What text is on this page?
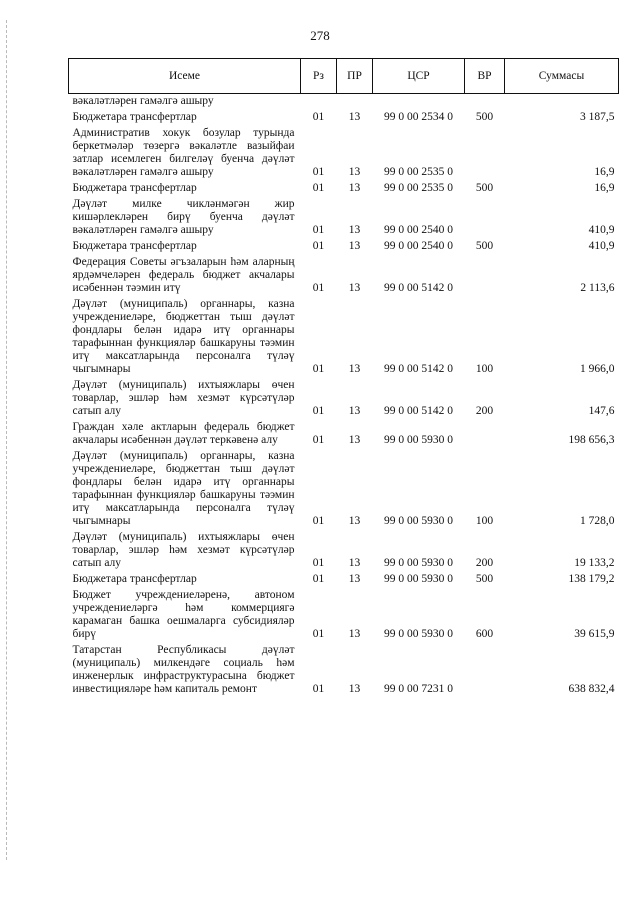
278
Исеме	Рз	ПР	ЦСР	ВР	Суммасы
вәкаләтләрен гамәлгә ашыру					
Бюджетара трансфертлар	01	13	99 0 00 2534 0	500	3 187,5
Административ хокук бозулар турында беркетмәләр төзергә вәкаләтле вазыйфаи затлар исемлеген билгеләү буенча дәүләт вәкаләтләрен гамәлгә ашыру	01	13	99 0 00 2535 0		16,9
Бюджетара трансфертлар	01	13	99 0 00 2535 0	500	16,9
Дәүләт милке чикләнмәгән жир кишәрлекләрен бирү буенча дәүләт вәкаләтләрен гамәлгә ашыру	01	13	99 0 00 2540 0		410,9
Бюджетара трансфертлар	01	13	99 0 00 2540 0	500	410,9
Федерация Советы әгъзаларын һәм аларның ярдәмчеләрен федераль бюджет акчалары исәбеннән тәэмин итү	01	13	99 0 00 5142 0		2 113,6
Дәүләт (муниципаль) органнары, казна учреждениеләре, бюджеттан тыш дәүләт фондлары белән идарә итү органнары тарафыннан функцияләр башкаруны тәэмин итү максатларында персоналга түләү чыгымнары	01	13	99 0 00 5142 0	100	1 966,0
Дәүләт (муниципаль) ихтыяжлары өчен товарлар, эшләр һәм хезмәт күрсәтүләр сатып алу	01	13	99 0 00 5142 0	200	147,6
Граждан хәле актларын федераль бюджет акчалары исәбеннән дәүләт теркәвенә алу	01	13	99 0 00 5930 0		198 656,3
Дәүләт (муниципаль) органнары, казна учреждениеләре, бюджеттан тыш дәүләт фондлары белән идарә итү органнары тарафыннан функцияләр башкаруны тәэмин итү максатларында персоналга түләү чыгымнары	01	13	99 0 00 5930 0	100	1 728,0
Дәүләт (муниципаль) ихтыяжлары өчен товарлар, эшләр һәм хезмәт күрсәтүләр сатып алу	01	13	99 0 00 5930 0	200	19 133,2
Бюджетара трансфертлар	01	13	99 0 00 5930 0	500	138 179,2
Бюджет учреждениеләренә, автоном учреждениеләргә һәм коммерциягә карамаган башка оешмаларга субсидияләр бирү	01	13	99 0 00 5930 0	600	39 615,9
Татарстан Республикасы дәүләт (муниципаль) милкендәге социаль һәм инженерлык инфраструктурасына бюджет инвестицияләре һәм капиталь ремонт	01	13	99 0 00 7231 0		638 832,4
